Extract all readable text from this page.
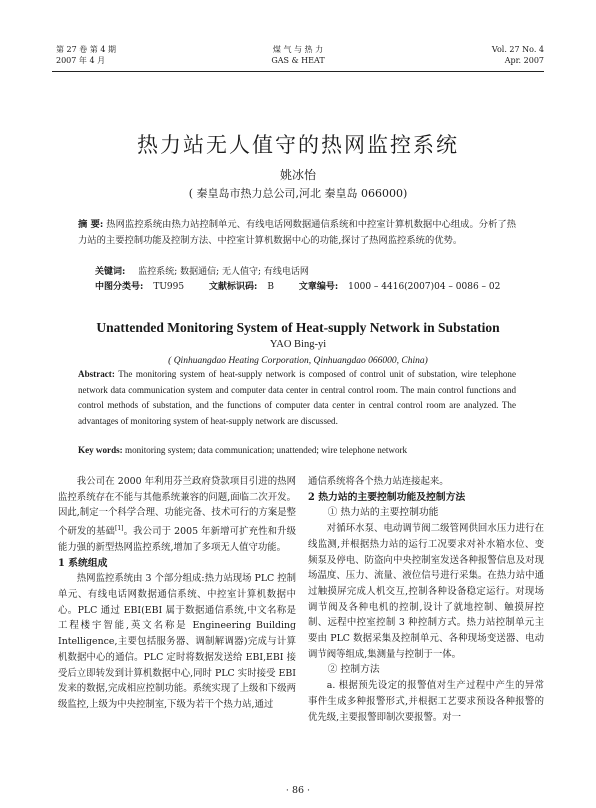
第 27 卷 第 4 期
2007 年 4 月
煤 气 与 热 力
GAS & HEAT
Vol. 27 No. 4
Apr. 2007
热力站无人值守的热网监控系统
姚冰怡
( 秦皇岛市热力总公司,河北 秦皇岛 066000)
摘 要: 热网监控系统由热力站控制单元、有线电话网数据通信系统和中控室计算机数据中心组成。分析了热力站的主要控制功能及控制方法、中控室计算机数据中心的功能,探讨了热网监控系统的优势。
关键词: 监控系统; 数据通信; 无人值守; 有线电话网
中图分类号: TU995	文献标识码: B	文章编号: 1000 – 4416(2007)04 – 0086 – 02
Unattended Monitoring System of Heat-supply Network in Substation
YAO Bing-yi
( Qinhuangdao Heating Corporation, Qinhuangdao 066000, China)
Abstract: The monitoring system of heat-supply network is composed of control unit of substation, wire telephone network data communication system and computer data center in central control room. The main control functions and control methods of substation, and the functions of computer data center in central control room are analyzed. The advantages of monitoring system of heat-supply network are discussed.
Key words: monitoring system; data communication; unattended; wire telephone network

我公司在 2000 年利用芬兰政府贷款项目引进的热网监控系统存在不能与其他系统兼容的问题,面临二次开发。因此,制定一个科学合理、功能完备、技术可行的方案是整个研发的基础[1]。我公司于 2005 年新增可扩充性和升级能力强的新型热网监控系统,增加了多项无人值守功能。

1 系统组成

热网监控系统由 3 个部分组成:热力站现场 PLC 控制单元、有线电话网数据通信系统、中控室计算机数据中心。PLC 通过 EBI(EBI 属于数据通信系统,中文名称是工程楼宇智能,英文名称是 Engineering Building Intelligence,主要包括服务器、调制解调器)完成与计算机数据中心的通信。PLC 定时将数据发送给 EBI,EBI 接受后立即转发到计算机数据中心,同时 PLC 实时接受 EBI 发来的数据,完成相应控制功能。系统实现了上级和下级两级监控,上级为中央控制室,下级为若干个热力站,通过

通信系统将各个热力站连接起来。

2 热力站的主要控制功能及控制方法
① 热力站的主要控制功能

对循环水泵、电动调节阀二级管网供回水压力进行在线监测,并根据热力站的运行工况要求对补水箱水位、变频泵及停电、防盗向中央控制室发送各种报警信息及对现场温度、压力、流量、液位信号进行采集。在热力站中通过触摸屏完成人机交互,控制各种设备稳定运行。对现场调节阀及各种电机的控制,设计了就地控制、触摸屏控制、远程中控室控制 3 种控制方式。热力站控制单元主要由 PLC 数据采集及控制单元、各种现场变送器、电动调节阀等组成,集测量与控制于一体。

② 控制方法

a. 根据预先设定的报警值对生产过程中产生的异常事件生成多种报警形式,并根据工艺要求预设各种报警的优先级,主要报警即制次要报警。对一

· 86 ·
